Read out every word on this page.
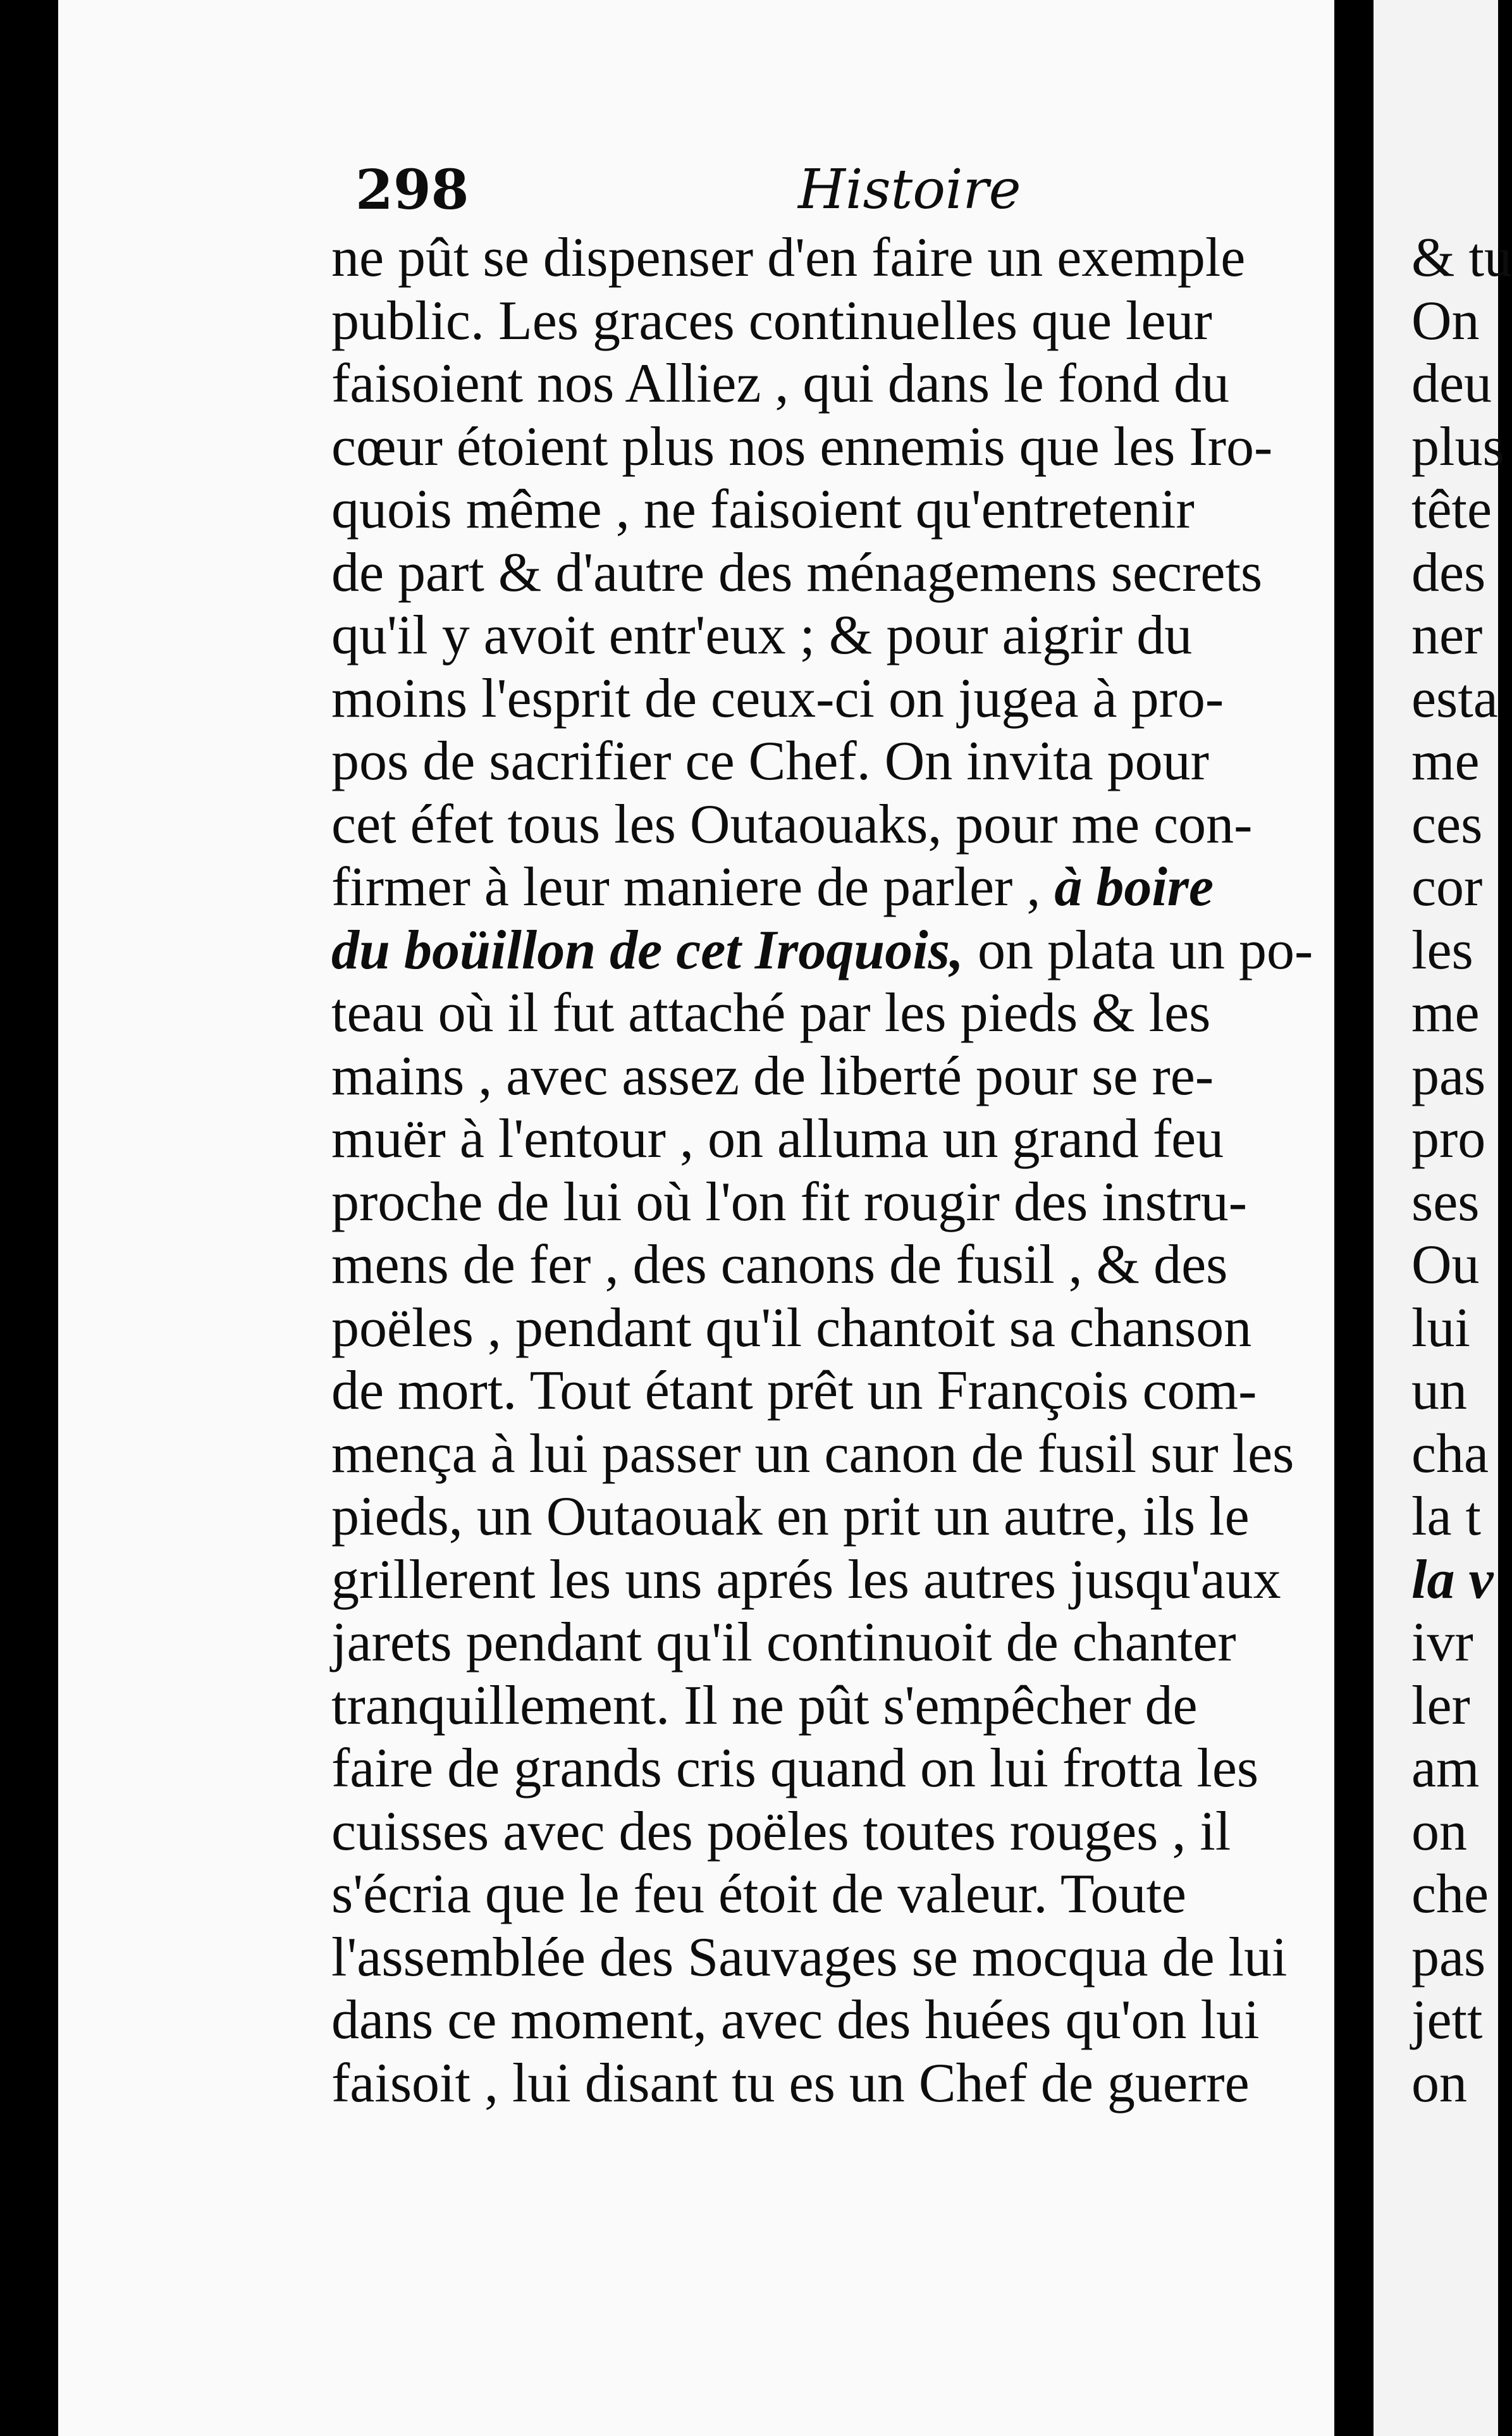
298	Histoire
ne pût se dispenser d'en faire un exemple
public. Les graces continuelles que leur
faisoient nos Alliez , qui dans le fond du
cœur étoient plus nos ennemis que les Iro-
quois même , ne faisoient qu'entretenir
de part & d'autre des ménagemens secrets
qu'il y avoit entr'eux ; & pour aigrir du
moins l'esprit de ceux-ci on jugea à pro-
pos de sacrifier ce Chef. On invita pour
cet éfet tous les Outaouaks, pour me con-
firmer à leur maniere de parler , à boire
du boüillon de cet Iroquois, on plata un po-
teau où il fut attaché par les pieds & les
mains , avec assez de liberté pour se re-
muër à l'entour , on alluma un grand feu
proche de lui où l'on fit rougir des instru-
mens de fer , des canons de fusil , & des
poëles , pendant qu'il chantoit sa chanson
de mort. Tout étant prêt un François com-
mença à lui passer un canon de fusil sur les
pieds, un Outaouak en prit un autre, ils le
grillerent les uns aprés les autres jusqu'aux
jarets pendant qu'il continuoit de chanter
tranquillement. Il ne pût s'empêcher de
faire de grands cris quand on lui frotta les
cuisses avec des poëles toutes rouges , il
s'écria que le feu étoit de valeur. Toute
l'assemblée des Sauvages se mocqua de lui
dans ce moment, avec des huées qu'on lui
faisoit , lui disant tu es un Chef de guerre
& tu
On
deu
plus
tête
des
ner
esta
me
ces
cor
les
me
pas
pro
ses
Ou
lui
un
cha
la t
la v
ivr
ler
am
on
che
pas
jett
on
